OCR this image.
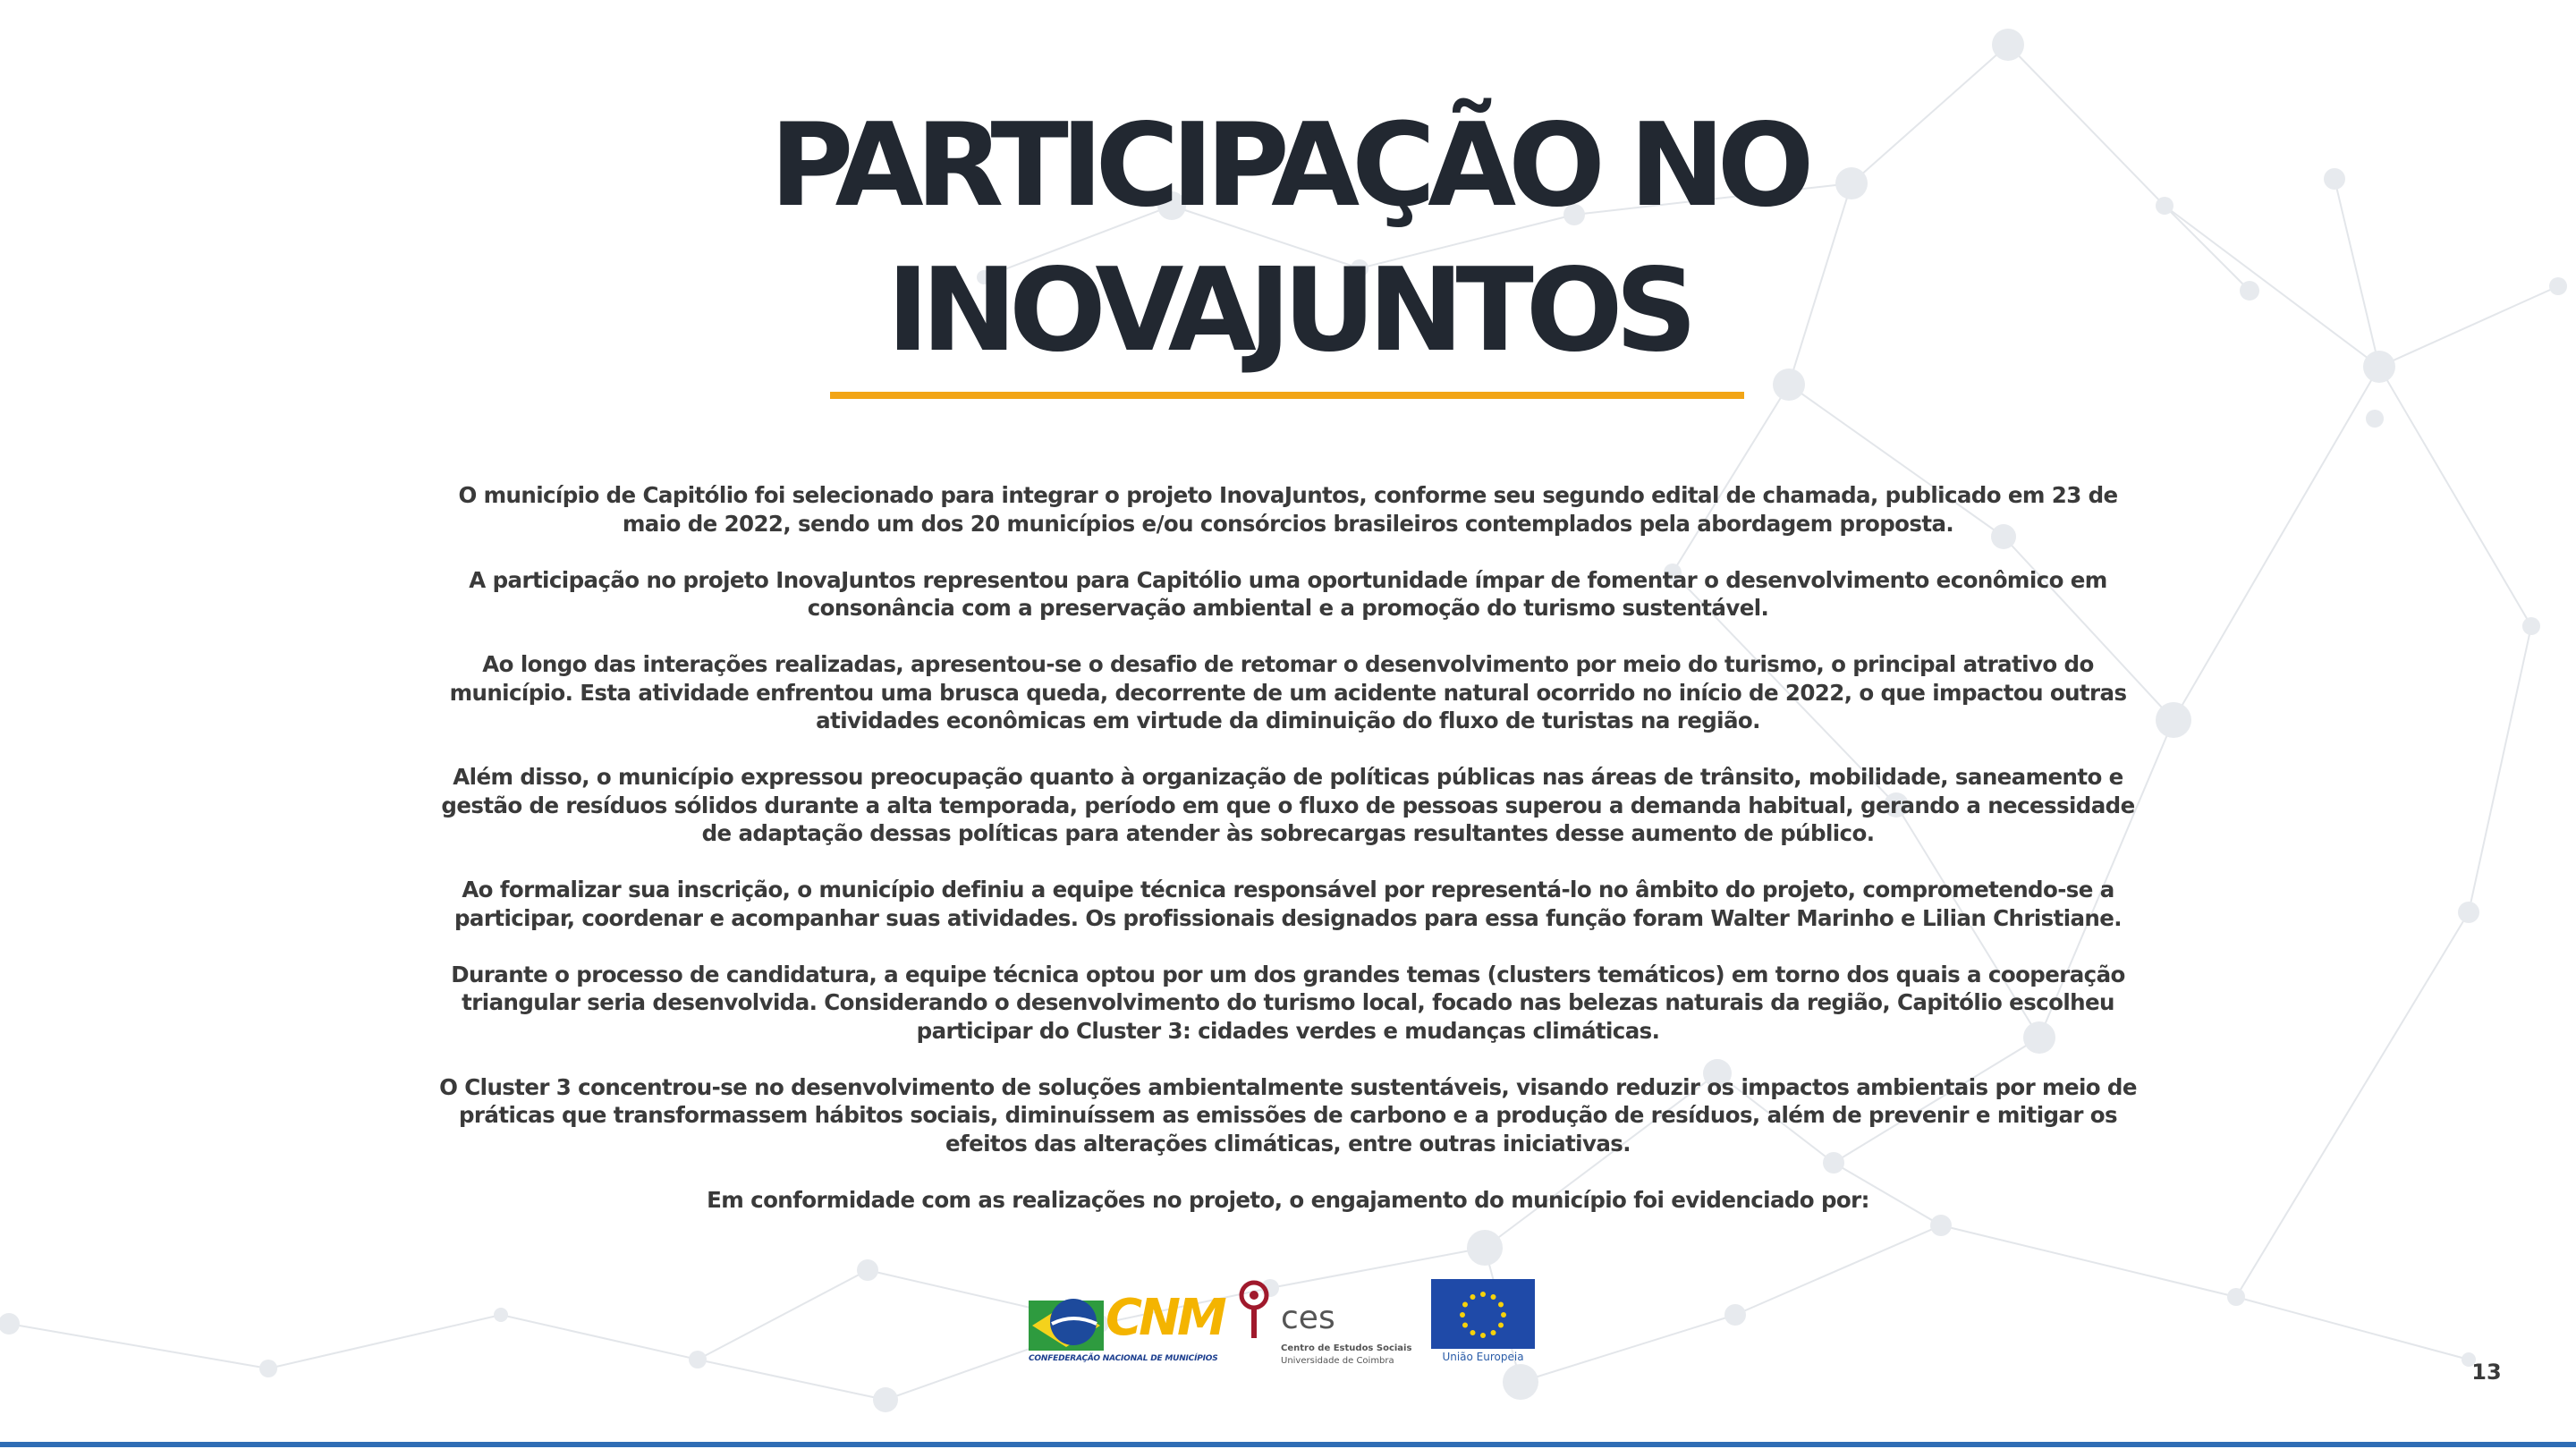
PARTICIPAÇÃO NO
INOVAJUNTOS

O município de Capitólio foi selecionado para integrar o projeto InovaJuntos, conforme seu segundo edital de chamada, publicado em 23 de maio de 2022, sendo um dos 20 municípios e/ou consórcios brasileiros contemplados pela abordagem proposta.

A participação no projeto InovaJuntos representou para Capitólio uma oportunidade ímpar de fomentar o desenvolvimento econômico em consonância com a preservação ambiental e a promoção do turismo sustentável.

Ao longo das interações realizadas, apresentou-se o desafio de retomar o desenvolvimento por meio do turismo, o principal atrativo do município. Esta atividade enfrentou uma brusca queda, decorrente de um acidente natural ocorrido no início de 2022, o que impactou outras atividades econômicas em virtude da diminuição do fluxo de turistas na região.

Além disso, o município expressou preocupação quanto à organização de políticas públicas nas áreas de trânsito, mobilidade, saneamento e gestão de resíduos sólidos durante a alta temporada, período em que o fluxo de pessoas superou a demanda habitual, gerando a necessidade de adaptação dessas políticas para atender às sobrecargas resultantes desse aumento de público.

Ao formalizar sua inscrição, o município definiu a equipe técnica responsável por representá-lo no âmbito do projeto, comprometendo-se a participar, coordenar e acompanhar suas atividades. Os profissionais designados para essa função foram Walter Marinho e Lilian Christiane.

Durante o processo de candidatura, a equipe técnica optou por um dos grandes temas (clusters temáticos) em torno dos quais a cooperação triangular seria desenvolvida. Considerando o desenvolvimento do turismo local, focado nas belezas naturais da região, Capitólio escolheu participar do Cluster 3: cidades verdes e mudanças climáticas.

O Cluster 3 concentrou-se no desenvolvimento de soluções ambientalmente sustentáveis, visando reduzir os impactos ambientais por meio de práticas que transformassem hábitos sociais, diminuíssem as emissões de carbono e a produção de resíduos, além de prevenir e mitigar os efeitos das alterações climáticas, entre outras iniciativas.

Em conformidade com as realizações no projeto, o engajamento do município foi evidenciado por:

CNM
CONFEDERAÇÃO NACIONAL DE MUNICÍPIOS
ces
Centro de Estudos Sociais
Universidade de Coimbra	União Europeia
13
